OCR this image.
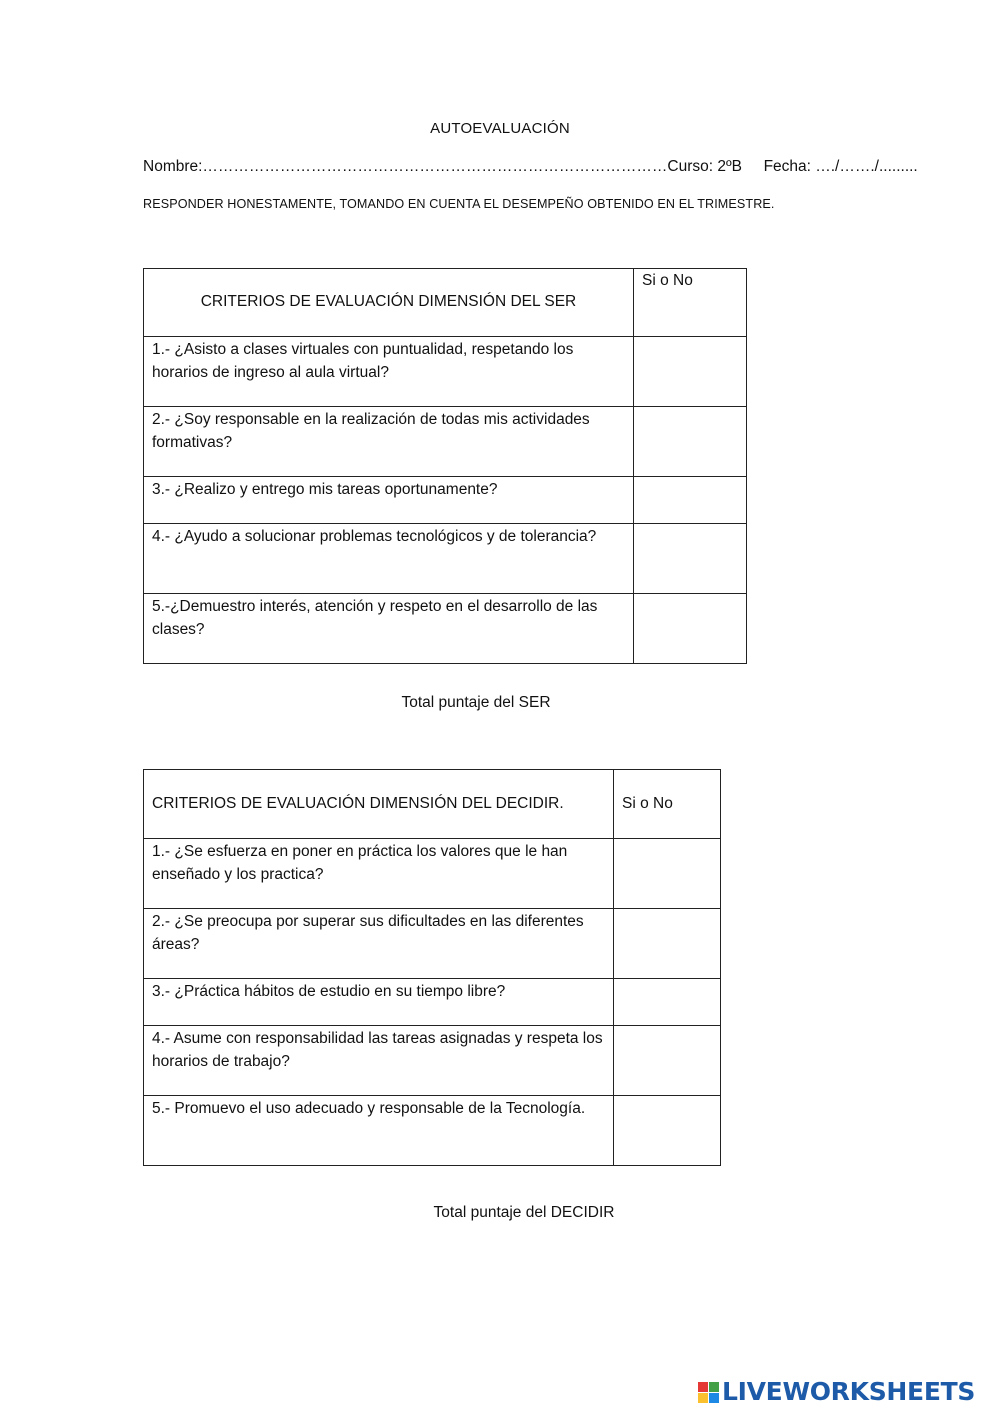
AUTOEVALUACIÓN
Nombre:………………………………………………………………………………Curso: 2ºB Fecha: …./……./.........
RESPONDER HONESTAMENTE, TOMANDO EN CUENTA EL DESEMPEÑO OBTENIDO EN EL TRIMESTRE.
CRITERIOS DE EVALUACIÓN DIMENSIÓN DEL SER	Si o No
1.- ¿Asisto a clases virtuales con puntualidad, respetando los horarios de ingreso al aula virtual?	
2.- ¿Soy responsable en la realización de todas mis actividades formativas?	
3.- ¿Realizo y entrego mis tareas oportunamente?	
4.- ¿Ayudo a solucionar problemas tecnológicos y de tolerancia?	
5.-¿Demuestro interés, atención y respeto en el desarrollo de las clases?	
Total puntaje del SER
CRITERIOS DE EVALUACIÓN DIMENSIÓN DEL DECIDIR.	Si o No
1.- ¿Se esfuerza en poner en práctica los valores que le han enseñado y los practica?	
2.- ¿Se preocupa por superar sus dificultades en las diferentes áreas?	
3.- ¿Práctica hábitos de estudio en su tiempo libre?	
4.- Asume con responsabilidad las tareas asignadas y respeta los horarios de trabajo?	
5.- Promuevo el uso adecuado y responsable de la Tecnología.	
Total puntaje del DECIDIR
LIVEWORKSHEETS
